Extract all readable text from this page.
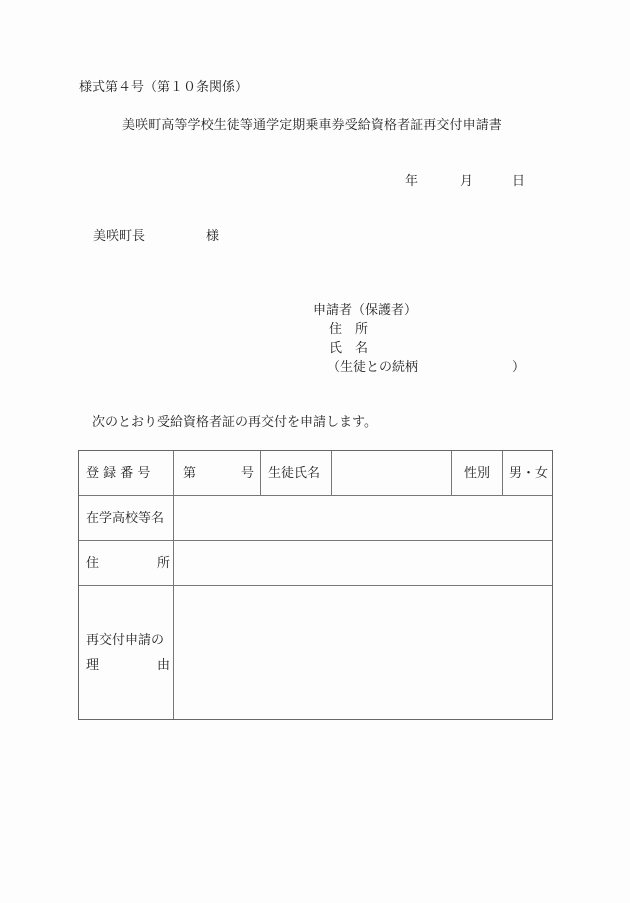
様式第４号（第１０条関係）
美咲町高等学校生徒等通学定期乗車券受給資格者証再交付申請書
年	月	日
美咲町長	様
申請者（保護者）
住　所
氏　名
（生徒との続柄	）
次のとおり受給資格者証の再交付を申請します。
登 録 番 号	第	号 生徒氏名	性別 男・女
在学高校等名
住	所
再交付申請の
理	由
